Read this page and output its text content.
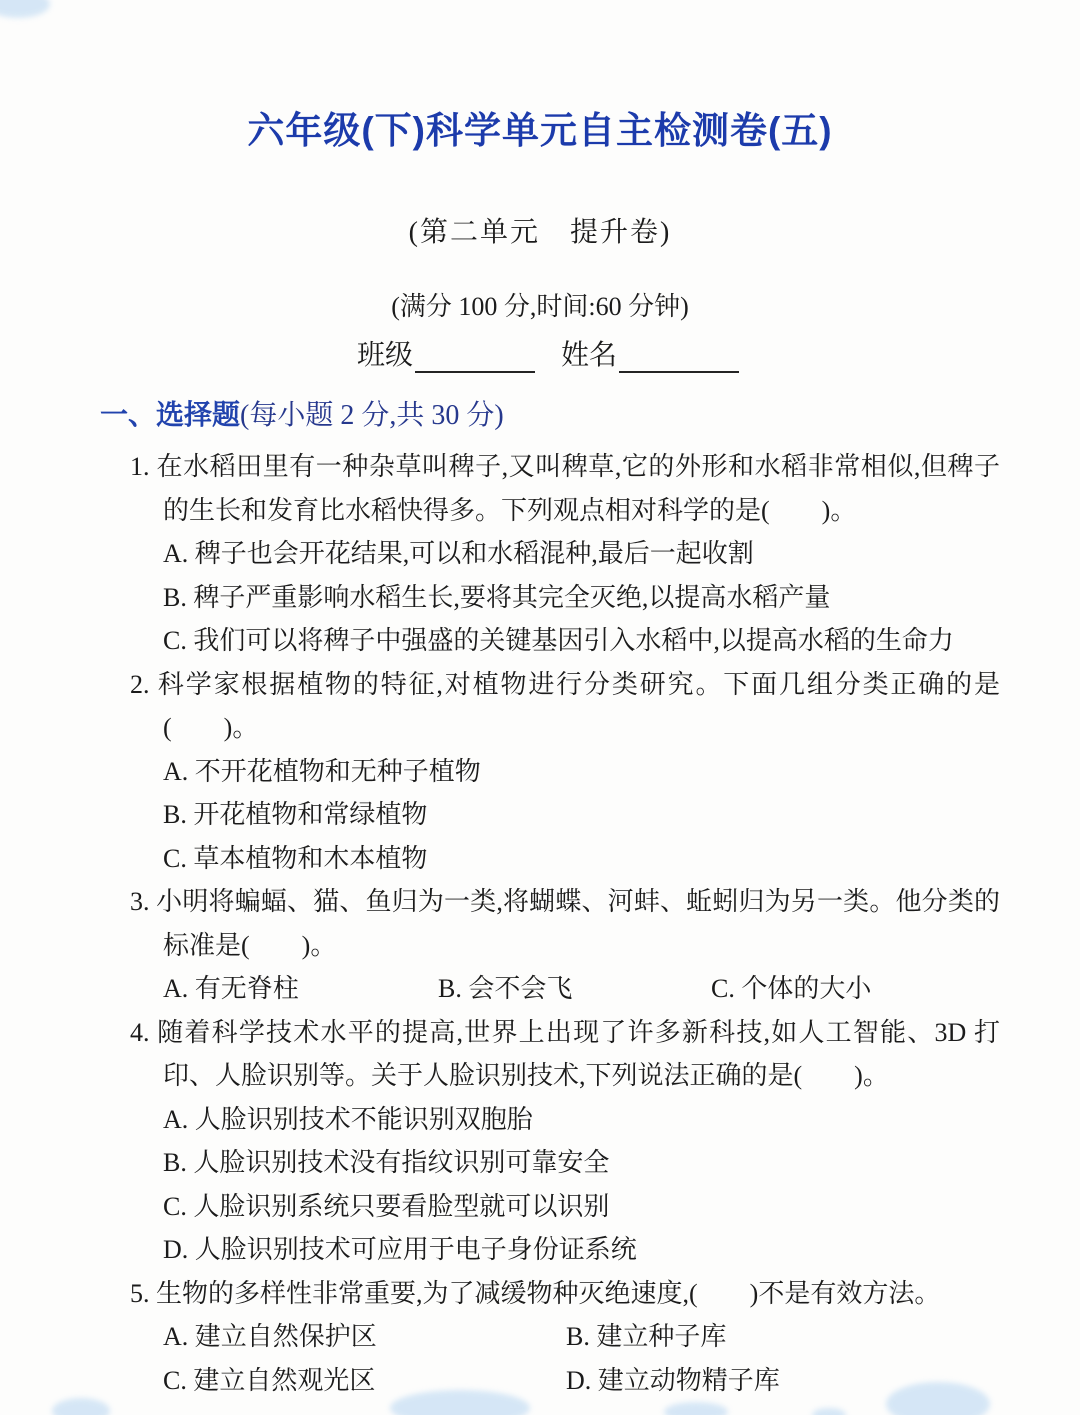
六年级(下)科学单元自主检测卷(五)
(第二单元　提升卷)
(满分 100 分,时间:60 分钟)
班级	姓名
一、选择题(每小题 2 分,共 30 分)

1. 在水稻田里有一种杂草叫稗子,又叫稗草,它的外形和水稻非常相似,但稗子的生长和发育比水稻快得多。下列观点相对科学的是(　　)。

A. 稗子也会开花结果,可以和水稻混种,最后一起收割

B. 稗子严重影响水稻生长,要将其完全灭绝,以提高水稻产量

C. 我们可以将稗子中强盛的关键基因引入水稻中,以提高水稻的生命力

2. 科学家根据植物的特征,对植物进行分类研究。下面几组分类正确的是(　　)。

A. 不开花植物和无种子植物

B. 开花植物和常绿植物

C. 草本植物和木本植物

3. 小明将蝙蝠、猫、鱼归为一类,将蝴蝶、河蚌、蚯蚓归为另一类。他分类的标准是(　　)。

A. 有无脊柱	B. 会不会飞	C. 个体的大小

4. 随着科学技术水平的提高,世界上出现了许多新科技,如人工智能、3D 打印、人脸识别等。关于人脸识别技术,下列说法正确的是(　　)。

A. 人脸识别技术不能识别双胞胎

B. 人脸识别技术没有指纹识别可靠安全

C. 人脸识别系统只要看脸型就可以识别

D. 人脸识别技术可应用于电子身份证系统

5. 生物的多样性非常重要,为了减缓物种灭绝速度,(　　)不是有效方法。

A. 建立自然保护区	B. 建立种子库
C. 建立自然观光区	D. 建立动物精子库
